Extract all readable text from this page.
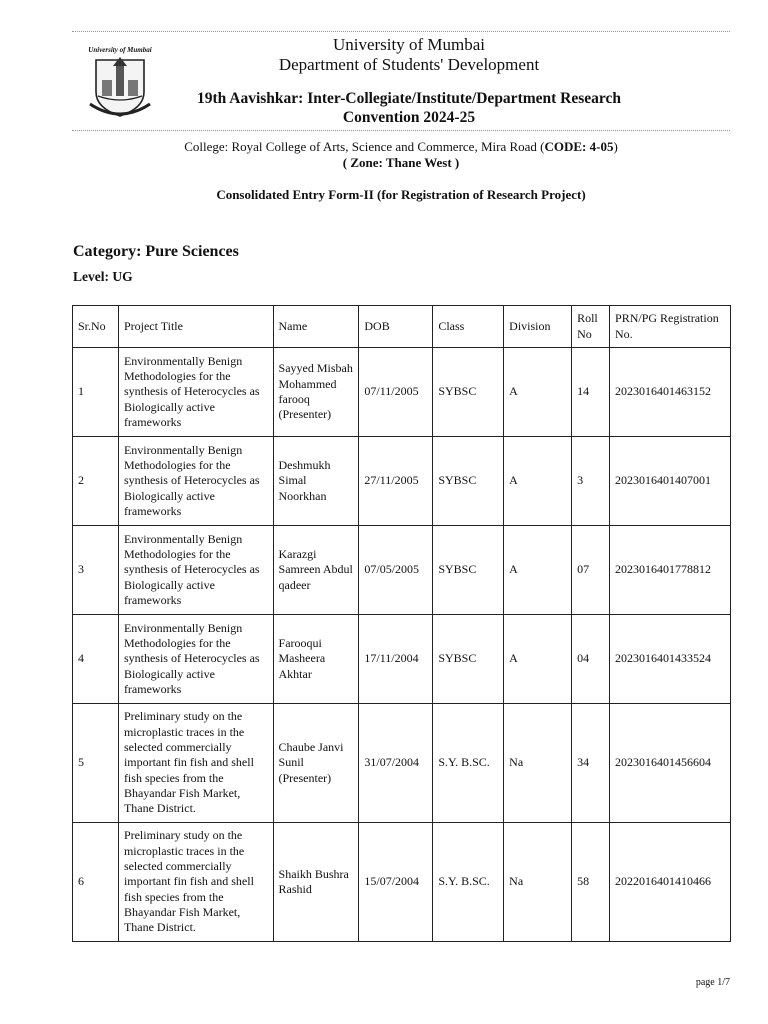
University of Mumbai	University of Mumbai
Department of Students' Development
19th Aavishkar: Inter-Collegiate/Institute/Department Research
Convention 2024-25
College: Royal College of Arts, Science and Commerce, Mira Road (CODE: 4-05)
( Zone: Thane West )
Consolidated Entry Form-II (for Registration of Research Project)
Category: Pure Sciences
Level: UG
Sr.No	Project Title	Name	DOB	Class	Division	Roll No	PRN/PG Registration No.
1	Environmentally Benign Methodologies for the synthesis of Heterocycles as Biologically active frameworks	Sayyed Misbah Mohammed farooq (Presenter)	07/11/2005	SYBSC	A	14	2023016401463152
2	Environmentally Benign Methodologies for the synthesis of Heterocycles as Biologically active frameworks	Deshmukh Simal Noorkhan	27/11/2005	SYBSC	A	3	2023016401407001
3	Environmentally Benign Methodologies for the synthesis of Heterocycles as Biologically active frameworks	Karazgi Samreen Abdul qadeer	07/05/2005	SYBSC	A	07	2023016401778812
4	Environmentally Benign Methodologies for the synthesis of Heterocycles as Biologically active frameworks	Farooqui Masheera Akhtar	17/11/2004	SYBSC	A	04	2023016401433524
5	Preliminary study on the microplastic traces in the selected commercially important fin fish and shell fish species from the Bhayandar Fish Market, Thane District.	Chaube Janvi Sunil (Presenter)	31/07/2004	S.Y. B.SC.	Na	34	2023016401456604
6	Preliminary study on the microplastic traces in the selected commercially important fin fish and shell fish species from the Bhayandar Fish Market, Thane District.	Shaikh Bushra Rashid	15/07/2004	S.Y. B.SC.	Na	58	2022016401410466
page 1/7
